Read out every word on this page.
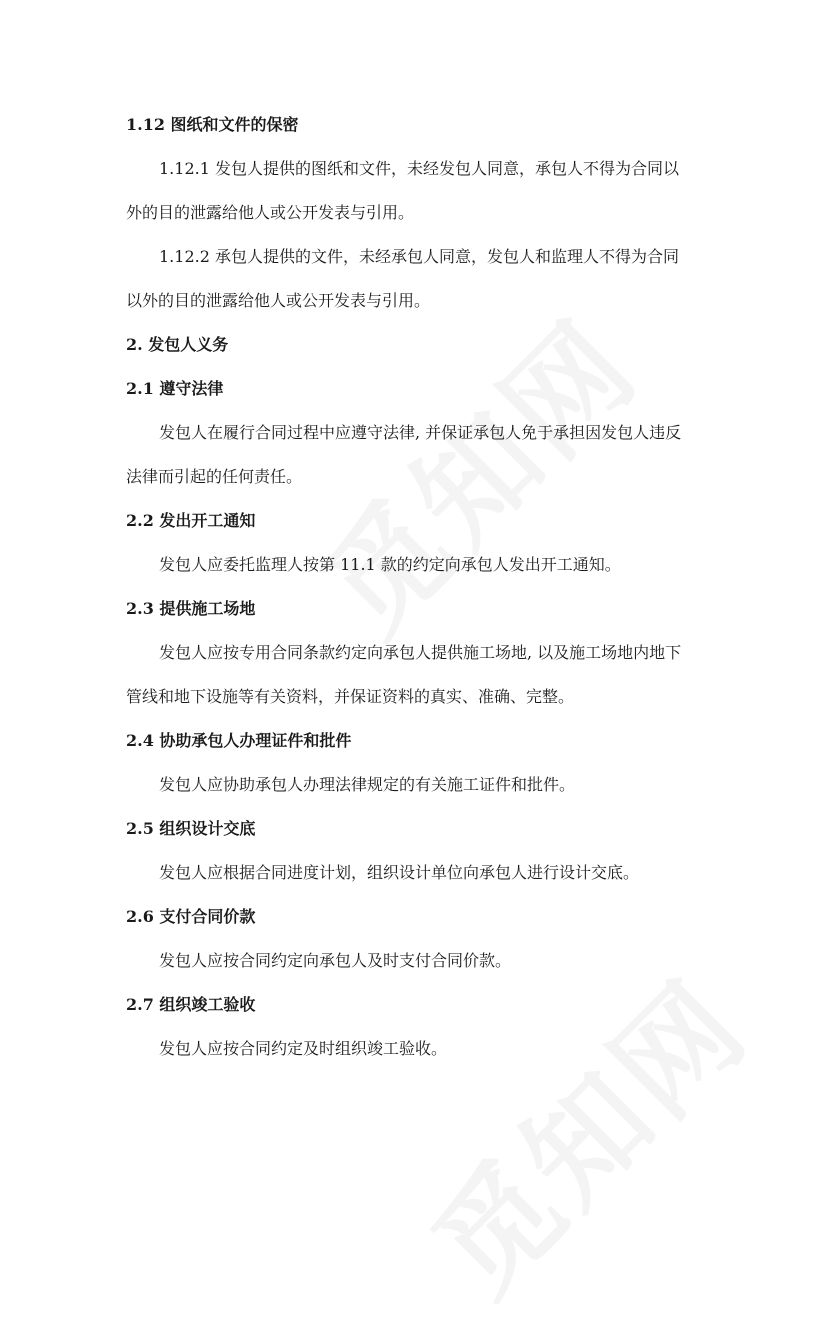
1.12 图纸和文件的保密
1.12.1 发包人提供的图纸和文件，未经发包人同意，承包人不得为合同以
外的目的泄露给他人或公开发表与引用。
1.12.2 承包人提供的文件，未经承包人同意，发包人和监理人不得为合同
以外的目的泄露给他人或公开发表与引用。
2. 发包人义务
2.1 遵守法律
发包人在履行合同过程中应遵守法律, 并保证承包人免于承担因发包人违反
法律而引起的任何责任。
2.2 发出开工通知
发包人应委托监理人按第 11.1 款的约定向承包人发出开工通知。
2.3 提供施工场地
发包人应按专用合同条款约定向承包人提供施工场地, 以及施工场地内地下
管线和地下设施等有关资料，并保证资料的真实、准确、完整。
2.4 协助承包人办理证件和批件
发包人应协助承包人办理法律规定的有关施工证件和批件。
2.5 组织设计交底
发包人应根据合同进度计划，组织设计单位向承包人进行设计交底。
2.6 支付合同价款
发包人应按合同约定向承包人及时支付合同价款。
2.7 组织竣工验收
发包人应按合同约定及时组织竣工验收。
